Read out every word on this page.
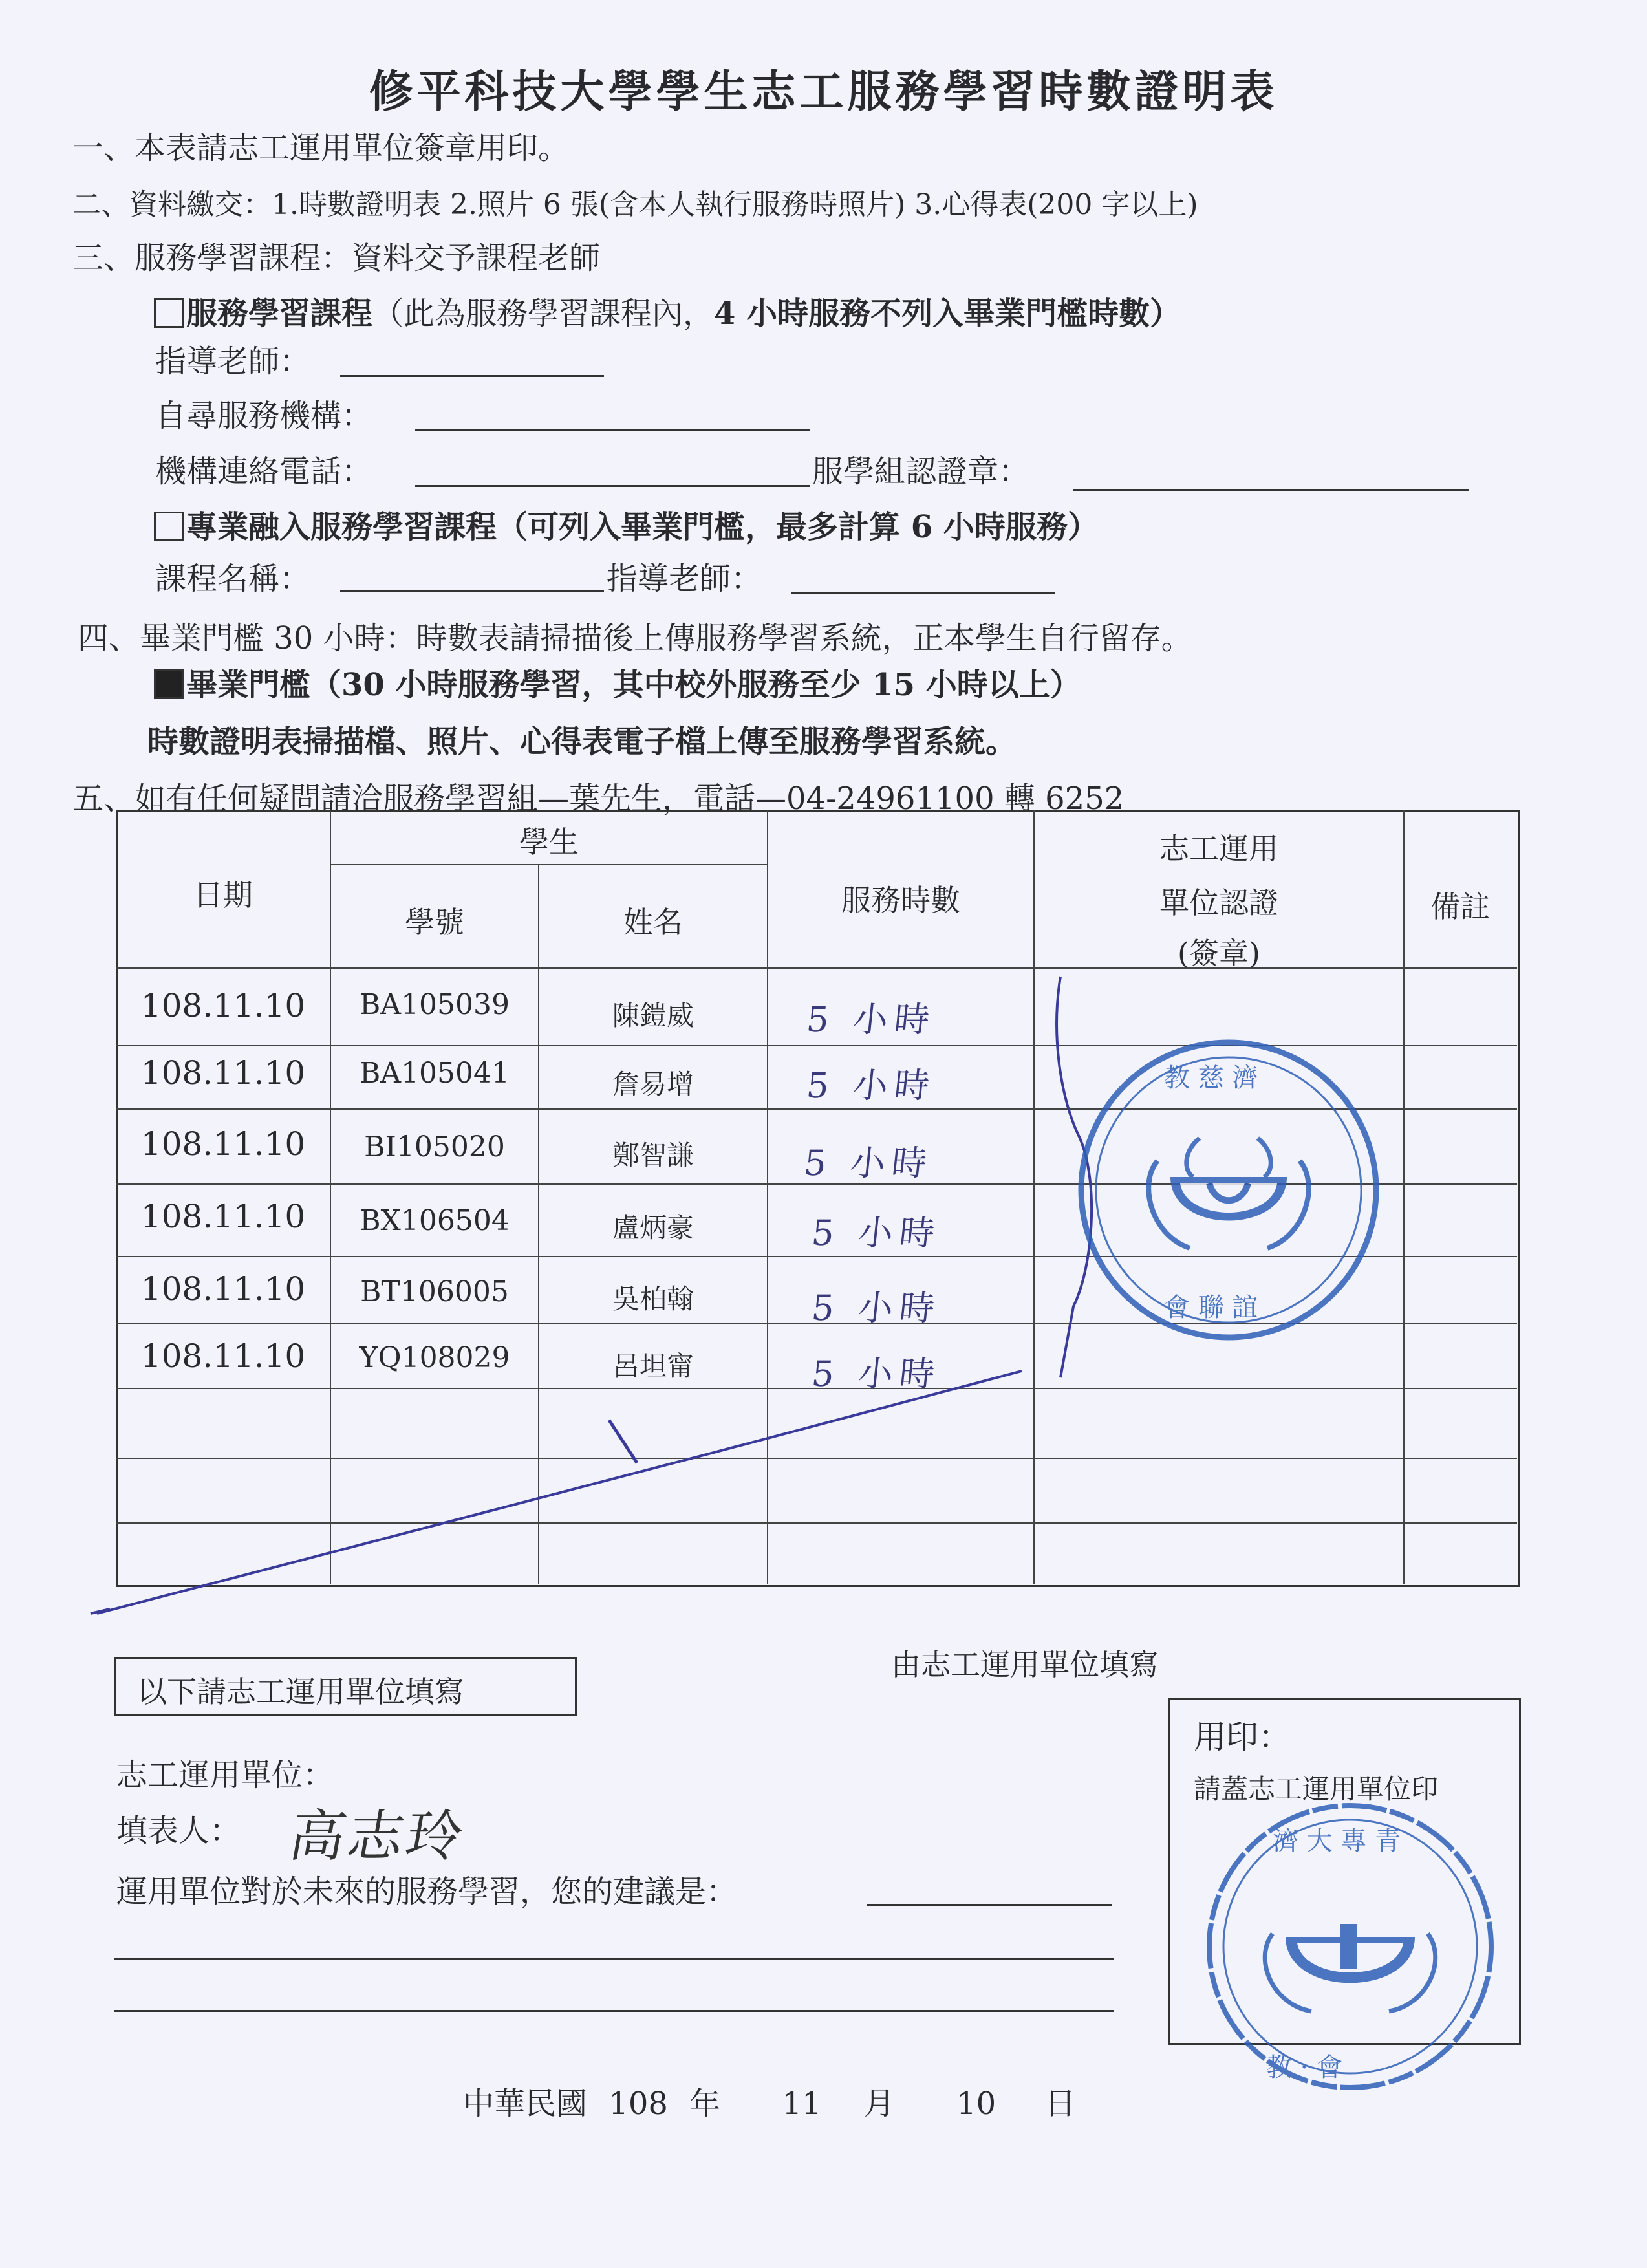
修平科技大學學生志工服務學習時數證明表
一、本表請志工運用單位簽章用印。
二、資料繳交：1.時數證明表 2.照片 6 張(含本人執行服務時照片) 3.心得表(200 字以上)
三、服務學習課程：資料交予課程老師
服務學習課程（此為服務學習課程內，4 小時服務不列入畢業門檻時數）
指導老師：
自尋服務機構：
機構連絡電話：	服學組認證章：
專業融入服務學習課程（可列入畢業門檻，最多計算 6 小時服務）
課程名稱：	指導老師：
四、畢業門檻 30 小時：時數表請掃描後上傳服務學習系統，正本學生自行留存。
畢業門檻（30 小時服務學習，其中校外服務至少 15 小時以上）
時數證明表掃描檔、照片、心得表電子檔上傳至服務學習系統。
五、如有任何疑問請洽服務學習組—葉先生，電話—04-24961100 轉 6252
日期
學生
學號	姓名
服務時數
志工運用
單位認證
(簽章)
備註
108.11.10	BA105039	陳鎧威	5 小時
108.11.10	BA105041	詹易增	5 小時
108.11.10	BI105020	鄭智謙	5 小時
108.11.10	BX106504	盧炳豪	5 小時
108.11.10	BT106005	吳柏翰	5 小時
108.11.10	YQ108029	呂坦甯	5 小時
教 慈 濟
會 聯 誼
以下請志工運用單位填寫
由志工運用單位填寫
志工運用單位：
填表人： 高志玲
運用單位對於未來的服務學習，您的建議是：
用印：
請蓋志工運用單位印
濟 大 專 青
教 · 會
中華民國 108 年 11 月 10 日
